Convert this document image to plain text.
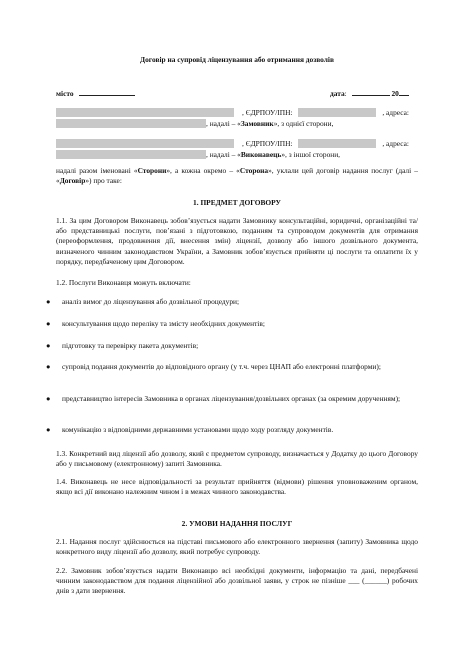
Договір на супровід ліцензування або отримання дозволів
місто	дата:	20
, ЄДРПОУ/ІПН:	, адреса:
, надалі – «Замовник», з однієї сторони,
, ЄДРПОУ/ІПН:	, адреса:
, надалі – «Виконавець», з іншої сторони,
надалі разом іменовані «Сторони», а кожна окремо – «Сторона», уклали цей договір надання послуг (далі – «Договір») про таке:
1. ПРЕДМЕТ ДОГОВОРУ
1.1. За цим Договором Виконавець зобов’язується надати Замовнику консультаційні, юридичні, організаційні та/або представницькі послуги, пов’язані з підготовкою, поданням та супроводом документів для отримання (переоформлення, продовження дії, внесення змін) ліцензії, дозволу або іншого дозвільного документа, визначеного чинним законодавством України, а Замовник зобов’язується прийняти ці послуги та оплатити їх у порядку, передбаченому цим Договором.
1.2. Послуги Виконавця можуть включати:
● аналіз вимог до ліцензування або дозвільної процедури;
● консультування щодо переліку та змісту необхідних документів;
● підготовку та перевірку пакета документів;
● супровід подання документів до відповідного органу (у т.ч. через ЦНАП або електронні платформи);
● представництво інтересів Замовника в органах ліцензування/дозвільних органах (за окремим дорученням);
● комунікацію з відповідними державними установами щодо ходу розгляду документів.
1.3. Конкретний вид ліцензії або дозволу, який є предметом супроводу, визначається у Додатку до цього Договору або у письмовому (електронному) запиті Замовника.
1.4. Виконавець не несе відповідальності за результат прийняття (відмови) рішення уповноваженим органом, якщо всі дії виконано належним чином і в межах чинного законодавства.
2. УМОВИ НАДАННЯ ПОСЛУГ
2.1. Надання послуг здійснюється на підставі письмового або електронного звернення (запиту) Замовника щодо конкретного виду ліцензії або дозволу, який потребує супроводу.
2.2. Замовник зобов’язується надати Виконавцю всі необхідні документи, інформацію та дані, передбачені чинним законодавством для подання ліцензійної або дозвільної заяви, у строк не пізніше ___ (______) робочих днів з дати звернення.
